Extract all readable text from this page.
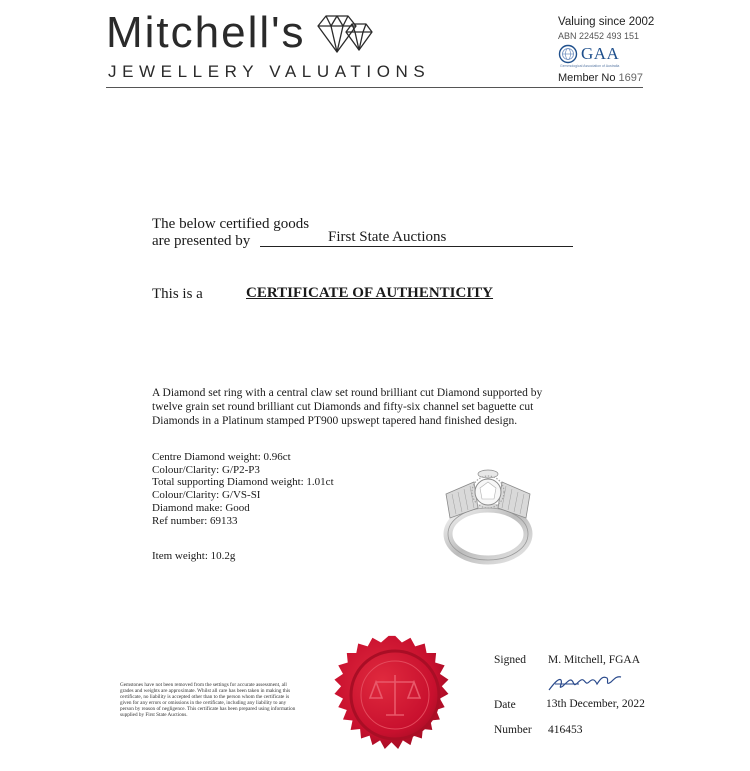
Mitchell's
JEWELLERY VALUATIONS
Valuing since 2002
ABN 22452 493 151
GAA
Gemmological Association of Australia
Member No 1697
The below certified goods
are presented by	First State Auctions
This is a	CERTIFICATE OF AUTHENTICITY
A Diamond set ring with a central claw set round brilliant cut Diamond supported by twelve grain set round brilliant cut Diamonds and fifty-six channel set baguette cut Diamonds in a Platinum stamped PT900 upswept tapered hand finished design.
Centre Diamond weight: 0.96ct
Colour/Clarity: G/P2-P3
Total supporting Diamond weight: 1.01ct
Colour/Clarity: G/VS-SI
Diamond make: Good
Ref number: 69133
Item weight: 10.2g
Gemstones have not been removed from the settings for accurate assessment, all grades and weights are approximate. Whilst all care has been taken in making this certificate, no liability is accepted other than to the person whom the certificate is given for any errors or omissions in the certificate, including any liability to any person by reason of negligence. This certificate has been prepared using information supplied by First State Auctions.
Signed M. Mitchell, FGAA
Date	13th December, 2022
Number 416453
